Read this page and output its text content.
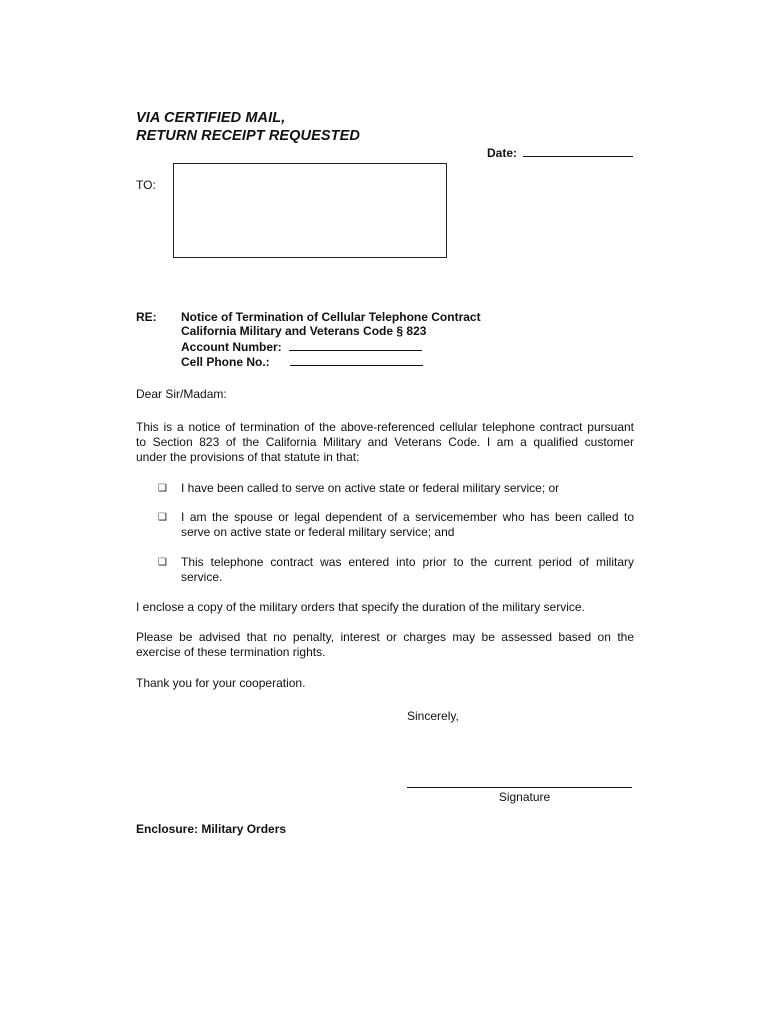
VIA CERTIFIED MAIL,
RETURN RECEIPT REQUESTED
Date:
TO:
RE: Notice of Termination of Cellular Telephone Contract
California Military and Veterans Code § 823
Account Number:
Cell Phone No.:
Dear Sir/Madam:
This is a notice of termination of the above-referenced cellular telephone contract pursuant
to Section 823 of the California Military and Veterans Code. I am a qualified customer
under the provisions of that statute in that:
❑ I have been called to serve on active state or federal military service; or
❑ I am the spouse or legal dependent of a servicemember who has been called to
serve on active state or federal military service; and
❑ This telephone contract was entered into prior to the current period of military
service.
I enclose a copy of the military orders that specify the duration of the military service.
Please be advised that no penalty, interest or charges may be assessed based on the
exercise of these termination rights.
Thank you for your cooperation.
Sincerely,
Signature
Enclosure: Military Orders
